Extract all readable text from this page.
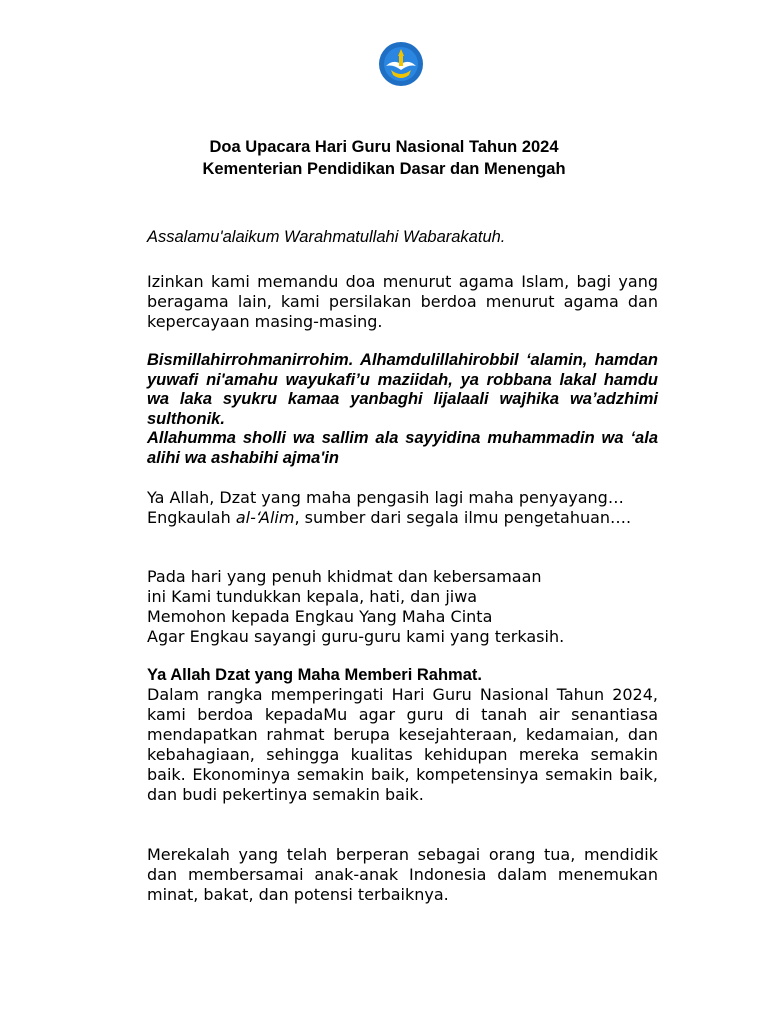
Doa Upacara Hari Guru Nasional Tahun 2024

Kementerian Pendidikan Dasar dan Menengah

Assalamu'alaikum Warahmatullahi Wabarakatuh.

Izinkan kami memandu doa menurut agama Islam, bagi yang beragama lain, kami persilakan berdoa menurut agama dan kepercayaan masing-masing.

Bismillahirrohmanirrohim. Alhamdulillahirobbil ‘alamin, hamdan yuwafi ni'amahu wayukafi’u maziidah, ya robbana lakal hamdu wa laka syukru kamaa yanbaghi lijalaali wajhika wa’adzhimi sulthonik.
Allahumma sholli wa sallim ala sayyidina muhammadin wa ‘ala alihi wa ashabihi ajma'in

Ya Allah, Dzat yang maha pengasih lagi maha penyayang… Engkaulah al-‘Alim, sumber dari segala ilmu pengetahuan….

Pada hari yang penuh khidmat dan kebersamaan
ini Kami tundukkan kepala, hati, dan jiwa
Memohon kepada Engkau Yang Maha Cinta
Agar Engkau sayangi guru-guru kami yang terkasih.

Ya Allah Dzat yang Maha Memberi Rahmat.

Dalam rangka memperingati Hari Guru Nasional Tahun 2024, kami berdoa kepadaMu agar guru di tanah air senantiasa mendapatkan rahmat berupa kesejahteraan, kedamaian, dan kebahagiaan, sehingga kualitas kehidupan mereka semakin baik. Ekonominya semakin baik, kompetensinya semakin baik, dan budi pekertinya semakin baik.

Merekalah yang telah berperan sebagai orang tua, mendidik dan membersamai anak-anak Indonesia dalam menemukan minat, bakat, dan potensi terbaiknya.
